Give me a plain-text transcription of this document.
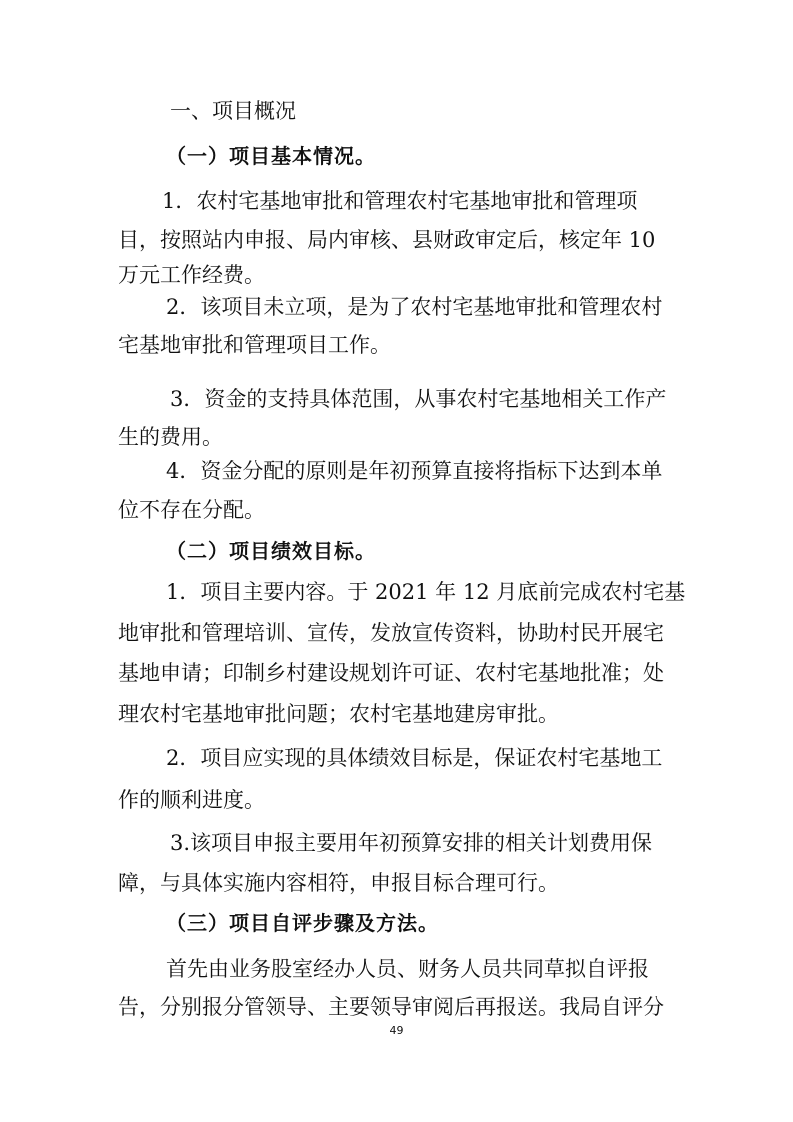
一、项目概况
（一）项目基本情况。
1．农村宅基地审批和管理农村宅基地审批和管理项
目，按照站内申报、局内审核、县财政审定后，核定年 10
万元工作经费。
2．该项目未立项，是为了农村宅基地审批和管理农村
宅基地审批和管理项目工作。
3．资金的支持具体范围，从事农村宅基地相关工作产
生的费用。
4．资金分配的原则是年初预算直接将指标下达到本单
位不存在分配。
（二）项目绩效目标。
1．项目主要内容。于 2021 年 12 月底前完成农村宅基
地审批和管理培训、宣传，发放宣传资料，协助村民开展宅
基地申请；印制乡村建设规划许可证、农村宅基地批准；处
理农村宅基地审批问题；农村宅基地建房审批。
2．项目应实现的具体绩效目标是，保证农村宅基地工
作的顺利进度。
3.该项目申报主要用年初预算安排的相关计划费用保
障，与具体实施内容相符，申报目标合理可行。
（三）项目自评步骤及方法。
首先由业务股室经办人员、财务人员共同草拟自评报
告，分别报分管领导、主要领导审阅后再报送。我局自评分
49
